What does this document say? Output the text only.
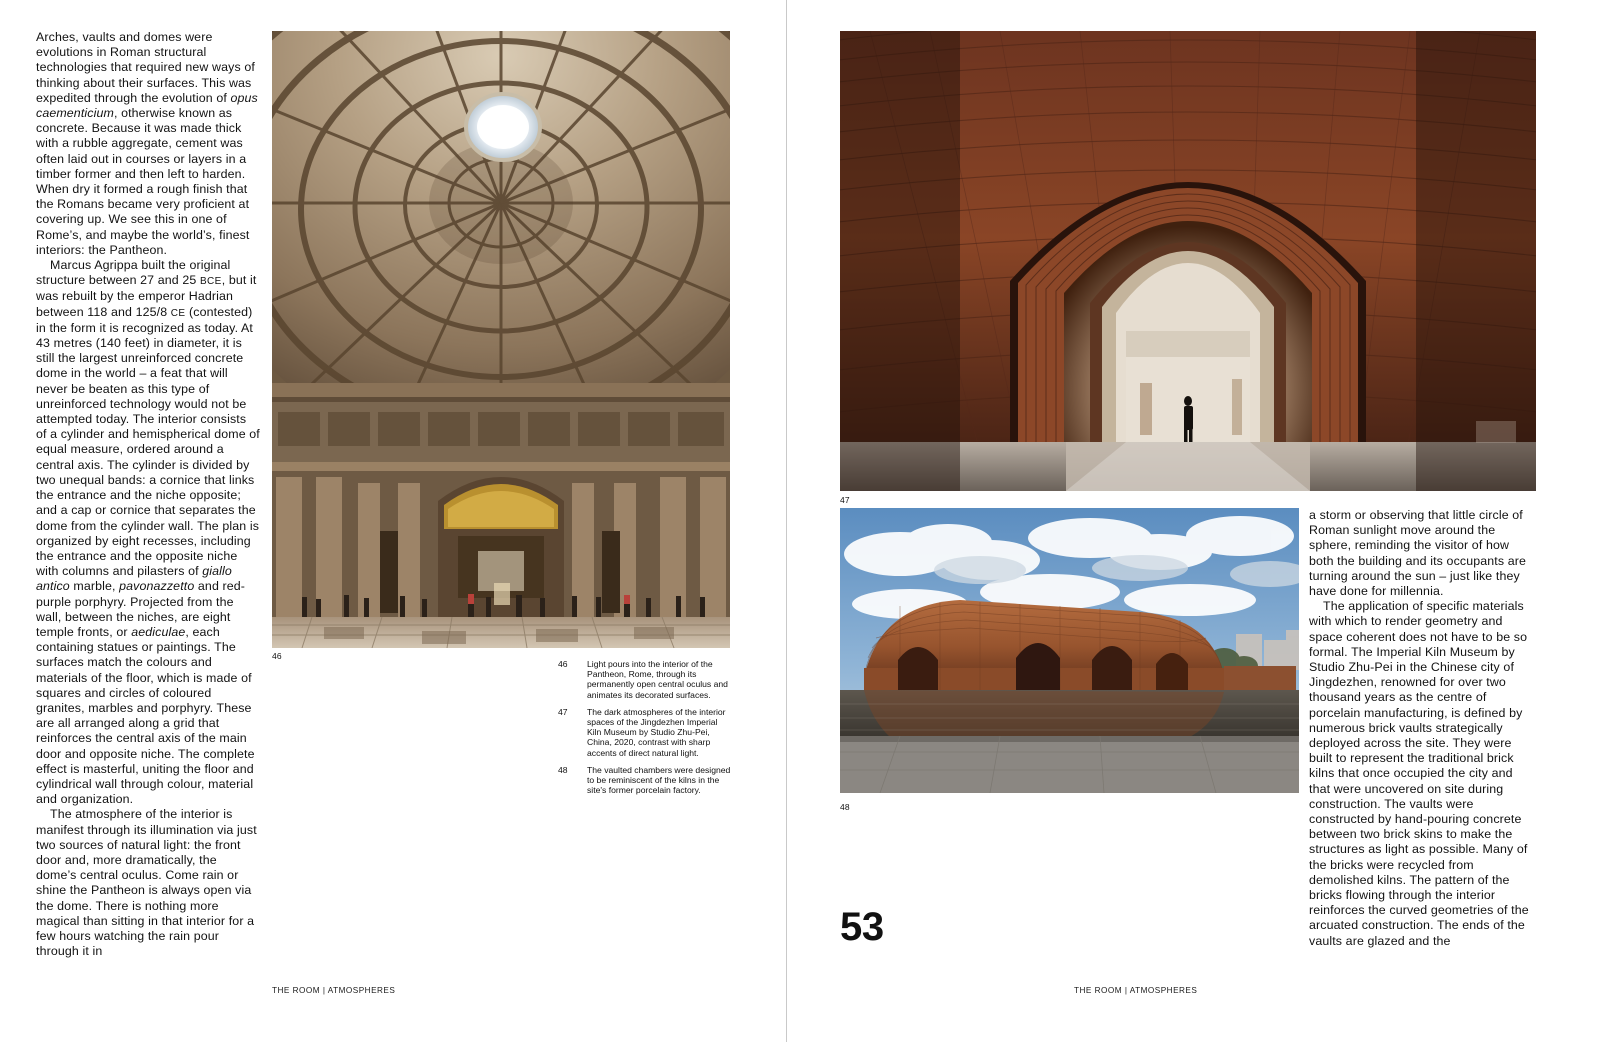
Arches, vaults and domes were evolutions in Roman structural technologies that required new ways of thinking about their surfaces. This was expedited through the evolution of opus caementicium, otherwise known as concrete. Because it was made thick with a rubble aggregate, cement was often laid out in courses or layers in a timber former and then left to harden. When dry it formed a rough finish that the Romans became very proficient at covering up. We see this in one of Rome’s, and maybe the world’s, finest interiors: the Pantheon.

Marcus Agrippa built the original structure between 27 and 25 BCE, but it was rebuilt by the emperor Hadrian between 118 and 125/8 CE (contested) in the form it is recognized as today. At 43 metres (140 feet) in diameter, it is still the largest unreinforced concrete dome in the world – a feat that will never be beaten as this type of unreinforced technology would not be attempted today. The interior consists of a cylinder and hemispherical dome of equal measure, ordered around a central axis. The cylinder is divided by two unequal bands: a cornice that links the entrance and the niche opposite; and a cap or cornice that separates the dome from the cylinder wall. The plan is organized by eight recesses, including the entrance and the opposite niche with columns and pilasters of giallo antico marble, pavonazzetto and red-purple porphyry. Projected from the wall, between the niches, are eight temple fronts, or aediculae, each containing statues or paintings. The surfaces match the colours and materials of the floor, which is made of squares and circles of coloured granites, marbles and porphyry. These are all arranged along a grid that reinforces the central axis of the main door and opposite niche. The complete effect is masterful, uniting the floor and cylindrical wall through colour, material and organization.

The atmosphere of the interior is manifest through its illumination via just two sources of natural light: the front door and, more dramatically, the dome’s central oculus. Come rain or shine the Pantheon is always open via the dome. There is nothing more magical than sitting in that interior for a few hours watching the rain pour through it in

46
46	Light pours into the interior of the Pantheon, Rome, through its permanently open central oculus and animates its decorated surfaces.
47	The dark atmospheres of the interior spaces of the Jingdezhen Imperial Kiln Museum by Studio Zhu-Pei, China, 2020, contrast with sharp accents of direct natural light.
48	The vaulted chambers were designed to be reminiscent of the kilns in the site's former porcelain factory.
THE ROOM | ATMOSPHERES
47
48

a storm or observing that little circle of Roman sunlight move around the sphere, reminding the visitor of how both the building and its occupants are turning around the sun – just like they have done for millennia.

The application of specific materials with which to render geometry and space coherent does not have to be so formal. The Imperial Kiln Museum by Studio Zhu-Pei in the Chinese city of Jingdezhen, renowned for over two thousand years as the centre of porcelain manufacturing, is defined by numerous brick vaults strategically deployed across the site. They were built to represent the traditional brick kilns that once occupied the city and that were uncovered on site during construction. The vaults were constructed by hand-pouring concrete between two brick skins to make the structures as light as possible. Many of the bricks were recycled from demolished kilns. The pattern of the bricks flowing through the interior reinforces the curved geometries of the arcuated construction. The ends of the vaults are glazed and the

53
THE ROOM | ATMOSPHERES
